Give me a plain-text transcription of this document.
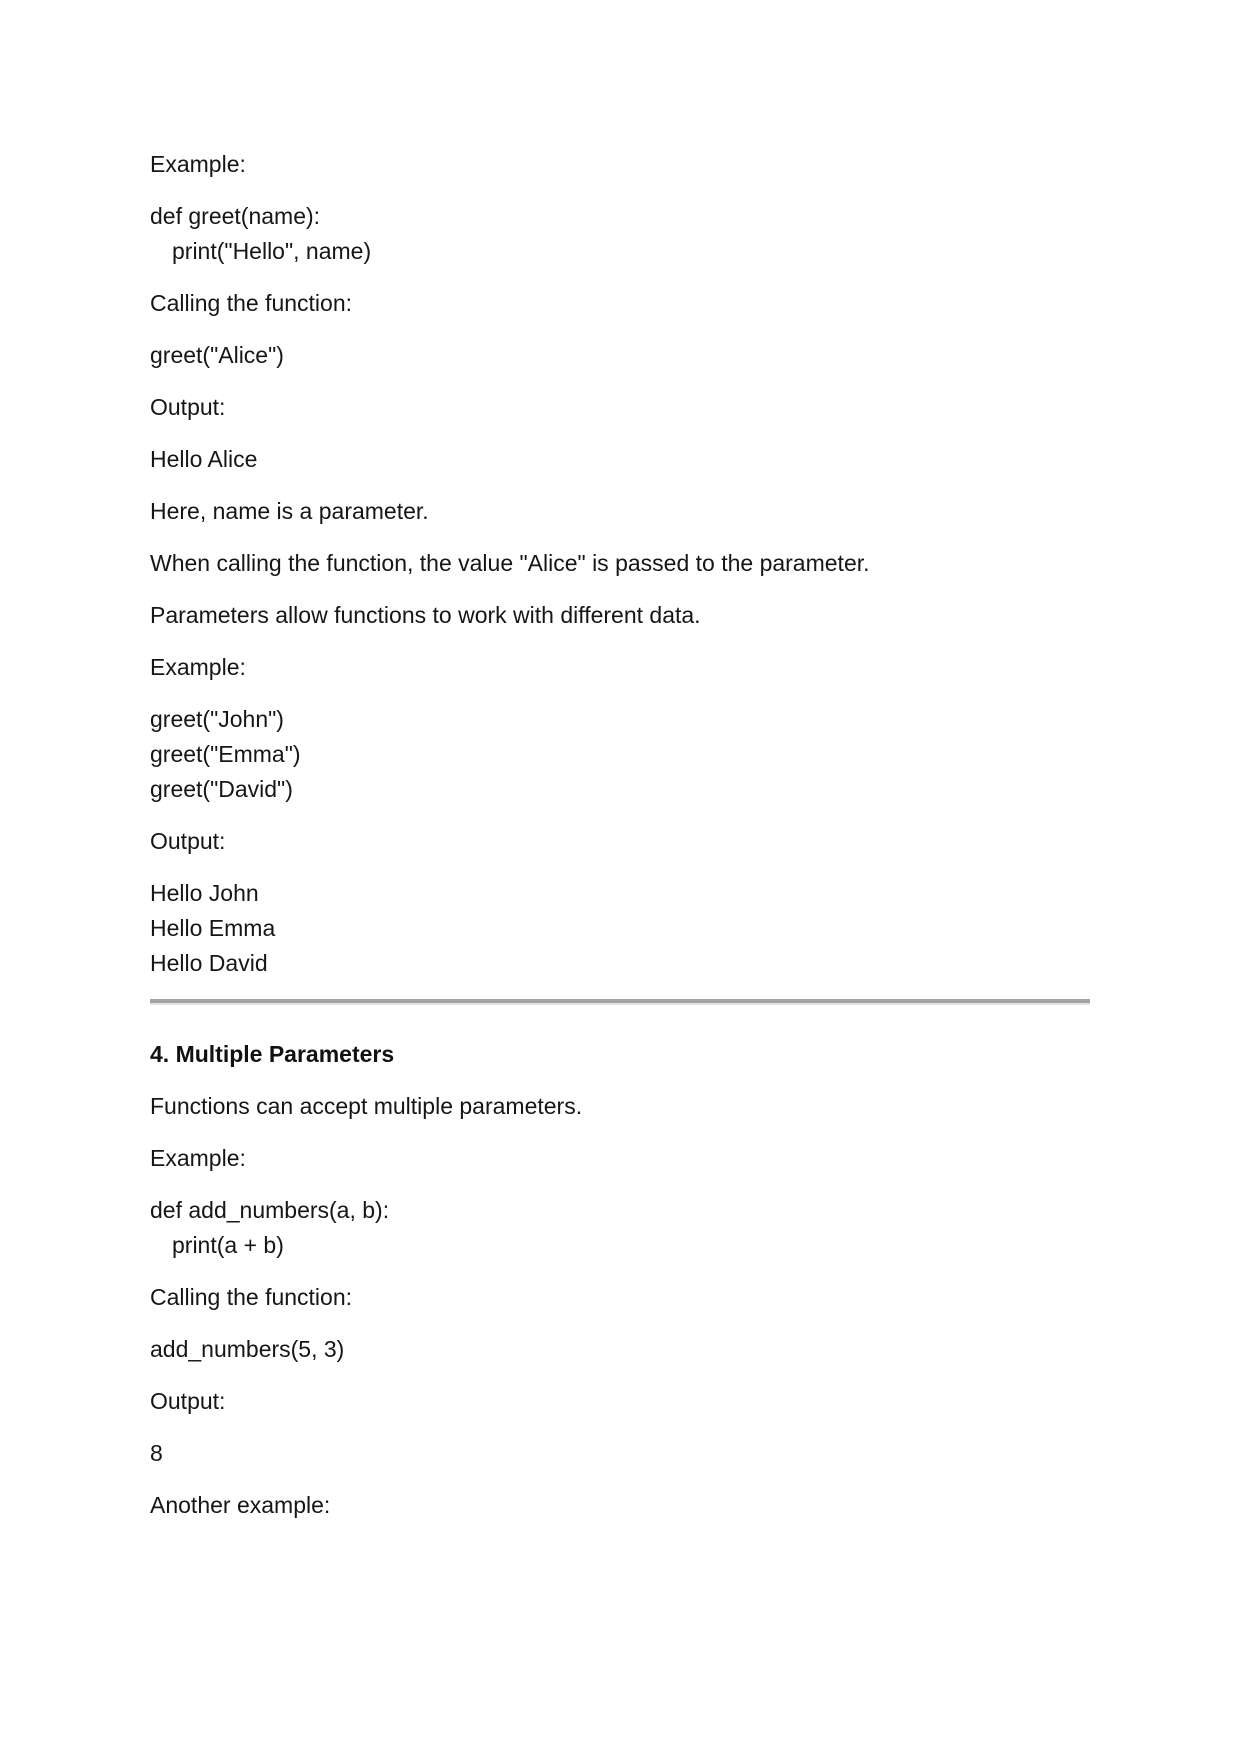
Example:

def greet(name):

print("Hello", name)

Calling the function:

greet("Alice")

Output:

Hello Alice

Here, name is a parameter.

When calling the function, the value "Alice" is passed to the parameter.

Parameters allow functions to work with different data.

Example:

greet("John")

greet("Emma")

greet("David")

Output:

Hello John

Hello Emma

Hello David

4. Multiple Parameters

Functions can accept multiple parameters.

Example:

def add_numbers(a, b):

print(a + b)

Calling the function:

add_numbers(5, 3)

Output:

8

Another example:
